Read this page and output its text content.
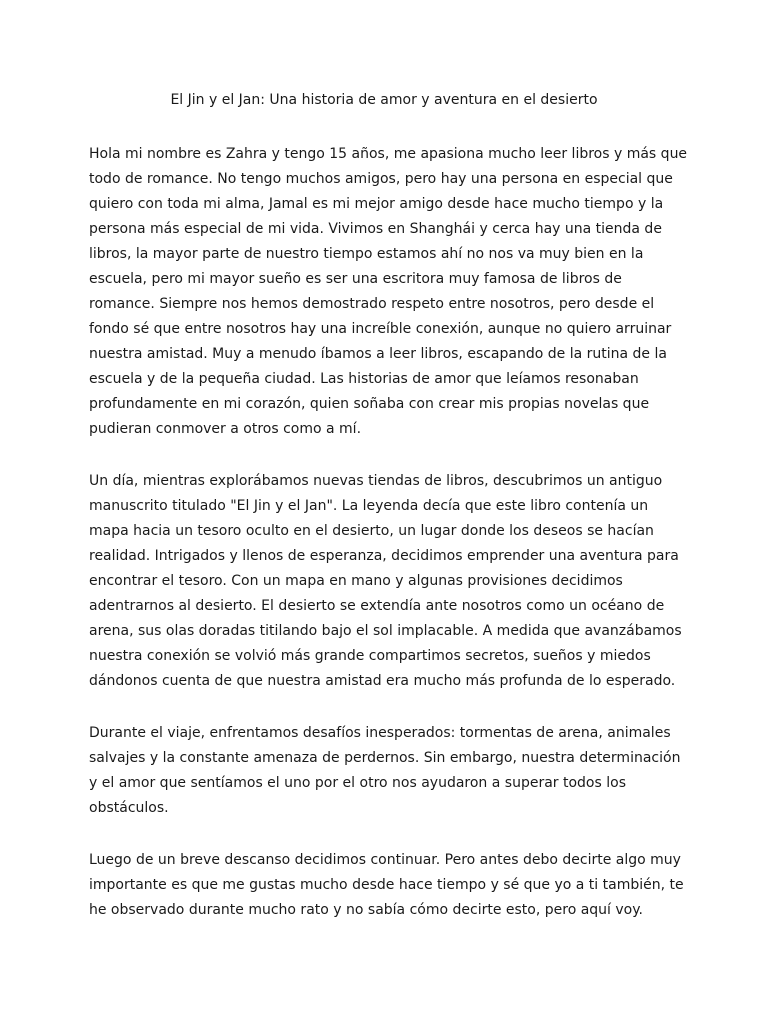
El Jin y el Jan: Una historia de amor y aventura en el desierto

Hola mi nombre es Zahra y tengo 15 años, me apasiona mucho leer libros y más que
todo de romance. No tengo muchos amigos, pero hay una persona en especial que
quiero con toda mi alma, Jamal es mi mejor amigo desde hace mucho tiempo y la
persona más especial de mi vida. Vivimos en Shanghái y cerca hay una tienda de
libros, la mayor parte de nuestro tiempo estamos ahí no nos va muy bien en la
escuela, pero mi mayor sueño es ser una escritora muy famosa de libros de
romance. Siempre nos hemos demostrado respeto entre nosotros, pero desde el
fondo sé que entre nosotros hay una increíble conexión, aunque no quiero arruinar
nuestra amistad. Muy a menudo íbamos a leer libros, escapando de la rutina de la
escuela y de la pequeña ciudad. Las historias de amor que leíamos resonaban
profundamente en mi corazón, quien soñaba con crear mis propias novelas que
pudieran conmover a otros como a mí.

Un día, mientras explorábamos nuevas tiendas de libros, descubrimos un antiguo
manuscrito titulado "El Jin y el Jan". La leyenda decía que este libro contenía un
mapa hacia un tesoro oculto en el desierto, un lugar donde los deseos se hacían
realidad. Intrigados y llenos de esperanza, decidimos emprender una aventura para
encontrar el tesoro. Con un mapa en mano y algunas provisiones decidimos
adentrarnos al desierto. El desierto se extendía ante nosotros como un océano de
arena, sus olas doradas titilando bajo el sol implacable. A medida que avanzábamos
nuestra conexión se volvió más grande compartimos secretos, sueños y miedos
dándonos cuenta de que nuestra amistad era mucho más profunda de lo esperado.

Durante el viaje, enfrentamos desafíos inesperados: tormentas de arena, animales
salvajes y la constante amenaza de perdernos. Sin embargo, nuestra determinación
y el amor que sentíamos el uno por el otro nos ayudaron a superar todos los
obstáculos.

Luego de un breve descanso decidimos continuar. Pero antes debo decirte algo muy
importante es que me gustas mucho desde hace tiempo y sé que yo a ti también, te
he observado durante mucho rato y no sabía cómo decirte esto, pero aquí voy.
